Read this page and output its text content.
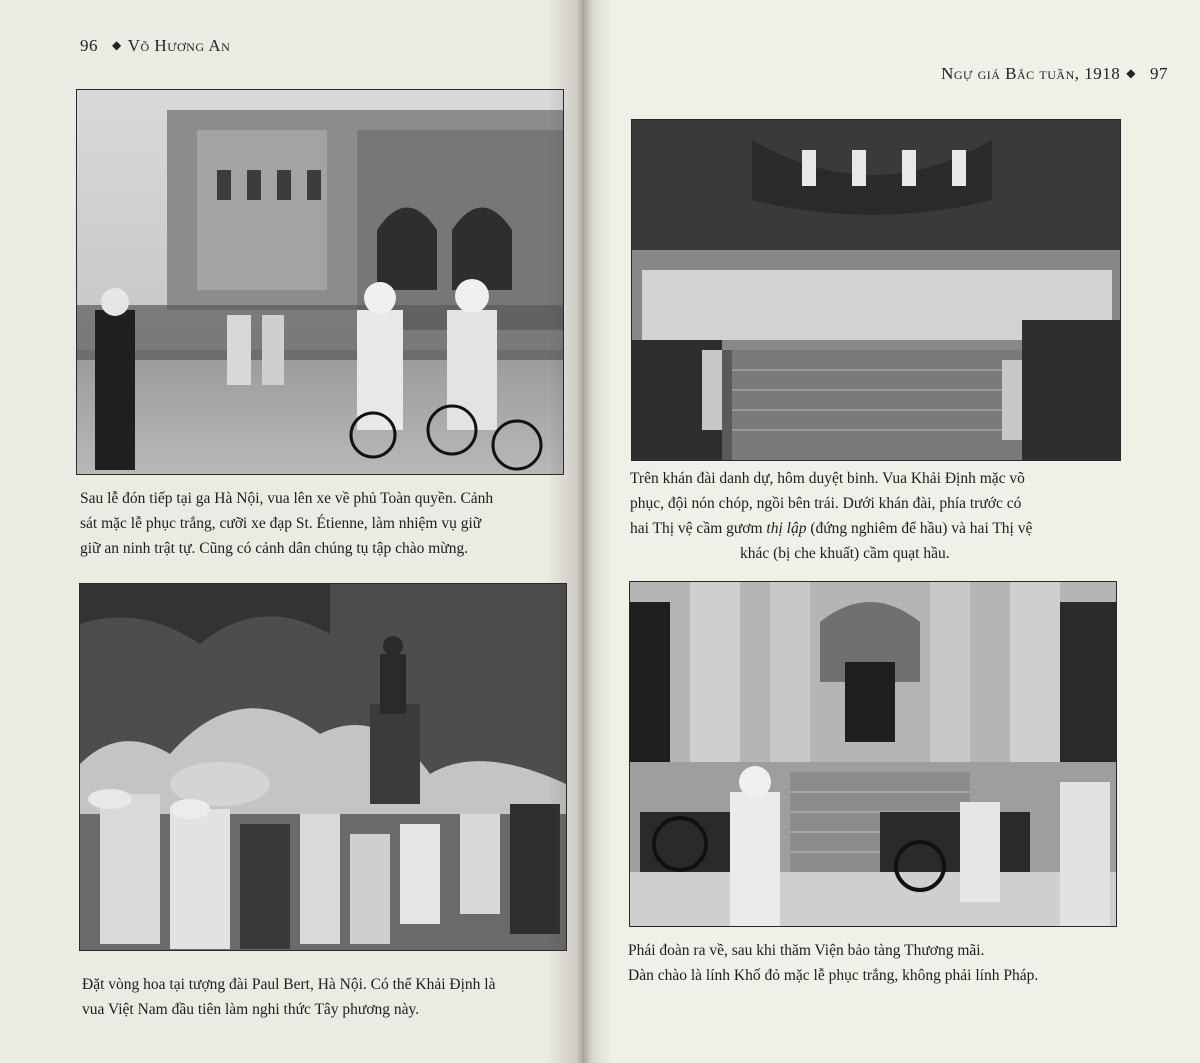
96 ◆ Võ Hương An

Sau lễ đón tiếp tại ga Hà Nội, vua lên xe về phủ Toàn quyền. Cảnh
sát mặc lễ phục trắng, cưỡi xe đạp St. Étienne, làm nhiệm vụ giữ
giữ an ninh trật tự. Cũng có cảnh dân chúng tụ tập chào mừng.

Đặt vòng hoa tại tượng đài Paul Bert, Hà Nội. Có thể Khải Định là
vua Việt Nam đầu tiên làm nghi thức Tây phương này.

Ngự giá Bắc tuần, 1918 ◆ 97

Trên khán đài danh dự, hôm duyệt binh. Vua Khải Định mặc võ
phục, đội nón chóp, ngồi bên trái. Dưới khán đài, phía trước có
hai Thị vệ cầm gươm thị lập (đứng nghiêm để hầu) và hai Thị vệ
khác (bị che khuất) cầm quạt hầu.

Phái đoàn ra về, sau khi thăm Viện bảo tàng Thương mãi.
Dàn chào là lính Khố đỏ mặc lễ phục trắng, không phải lính Pháp.
